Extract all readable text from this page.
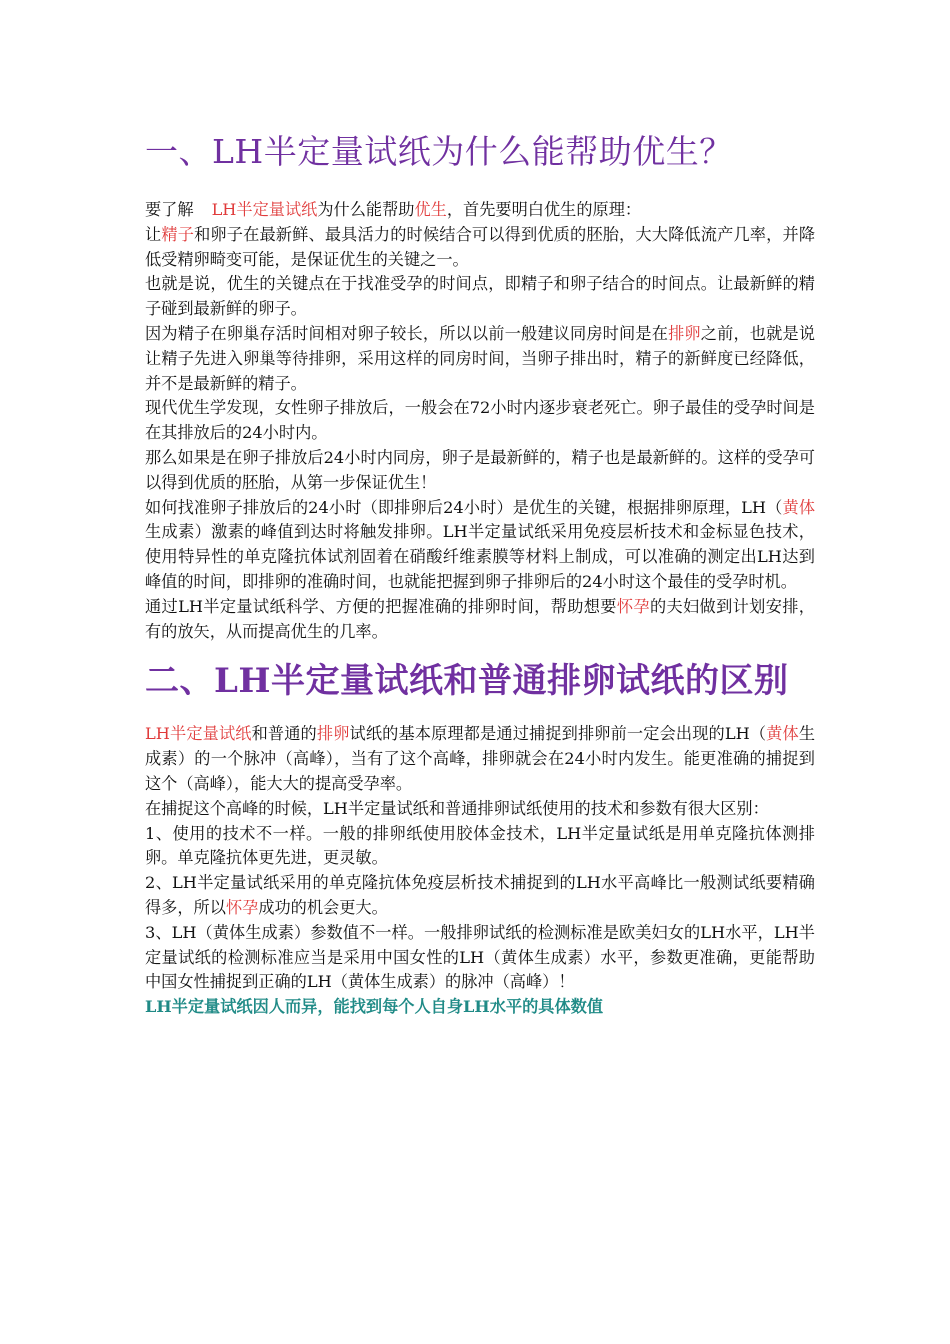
一、LH半定量试纸为什么能帮助优生？

要了解 LH半定量试纸为什么能帮助优生，首先要明白优生的原理：

让精子和卵子在最新鲜、最具活力的时候结合可以得到优质的胚胎，大大降低流产几率，并降低受精卵畸变可能，是保证优生的关键之一。

也就是说，优生的关键点在于找准受孕的时间点，即精子和卵子结合的时间点。让最新鲜的精子碰到最新鲜的卵子。

因为精子在卵巢存活时间相对卵子较长，所以以前一般建议同房时间是在排卵之前，也就是说让精子先进入卵巢等待排卵，采用这样的同房时间，当卵子排出时，精子的新鲜度已经降低，并不是最新鲜的精子。

现代优生学发现，女性卵子排放后，一般会在72小时内逐步衰老死亡。卵子最佳的受孕时间是在其排放后的24小时内。

那么如果是在卵子排放后24小时内同房，卵子是最新鲜的，精子也是最新鲜的。这样的受孕可以得到优质的胚胎，从第一步保证优生！

如何找准卵子排放后的24小时（即排卵后24小时）是优生的关键，根据排卵原理，LH（黄体生成素）激素的峰值到达时将触发排卵。LH半定量试纸采用免疫层析技术和金标显色技术，使用特异性的单克隆抗体试剂固着在硝酸纤维素膜等材料上制成，可以准确的测定出LH达到峰值的时间，即排卵的准确时间，也就能把握到卵子排卵后的24小时这个最佳的受孕时机。

通过LH半定量试纸科学、方便的把握准确的排卵时间，帮助想要怀孕的夫妇做到计划安排，有的放矢，从而提高优生的几率。

二、LH半定量试纸和普通排卵试纸的区别

LH半定量试纸和普通的排卵试纸的基本原理都是通过捕捉到排卵前一定会出现的LH（黄体生成素）的一个脉冲（高峰），当有了这个高峰，排卵就会在24小时内发生。能更准确的捕捉到这个（高峰），能大大的提高受孕率。

在捕捉这个高峰的时候，LH半定量试纸和普通排卵试纸使用的技术和参数有很大区别：

1、使用的技术不一样。一般的排卵纸使用胶体金技术，LH半定量试纸是用单克隆抗体测排卵。单克隆抗体更先进，更灵敏。

2、LH半定量试纸采用的单克隆抗体免疫层析技术捕捉到的LH水平高峰比一般测试纸要精确得多，所以怀孕成功的机会更大。

3、LH（黄体生成素）参数值不一样。一般排卵试纸的检测标准是欧美妇女的LH水平，LH半定量试纸的检测标准应当是采用中国女性的LH（黄体生成素）水平，参数更准确，更能帮助中国女性捕捉到正确的LH（黄体生成素）的脉冲（高峰）！

LH半定量试纸因人而异，能找到每个人自身LH水平的具体数值
